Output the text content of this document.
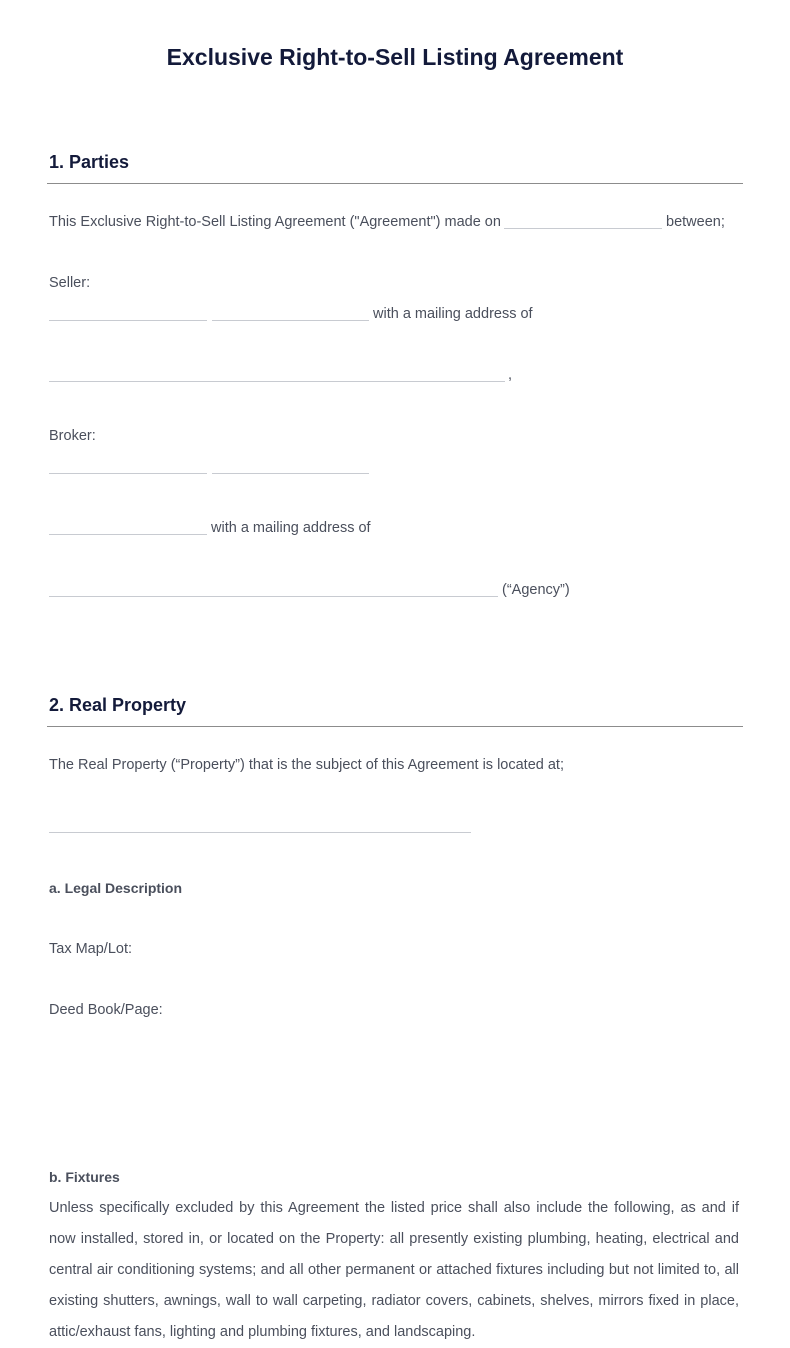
Exclusive Right-to-Sell Listing Agreement
1. Parties
This Exclusive Right-to-Sell Listing Agreement ("Agreement") made on	between;
Seller:
with a mailing address of
,
Broker:
with a mailing address of
(“Agency”)
2. Real Property
The Real Property (“Property”) that is the subject of this Agreement is located at;
a. Legal Description
Tax Map/Lot:
Deed Book/Page:
b. Fixtures
Unless specifically excluded by this Agreement the listed price shall also include the following, as and if now installed, stored in, or located on the Property: all presently existing plumbing, heating, electrical and central air conditioning systems; and all other permanent or attached fixtures including but not limited to, all existing shutters, awnings, wall to wall carpeting, radiator covers, cabinets, shelves, mirrors fixed in place, attic/exhaust fans, lighting and plumbing fixtures, and landscaping.
